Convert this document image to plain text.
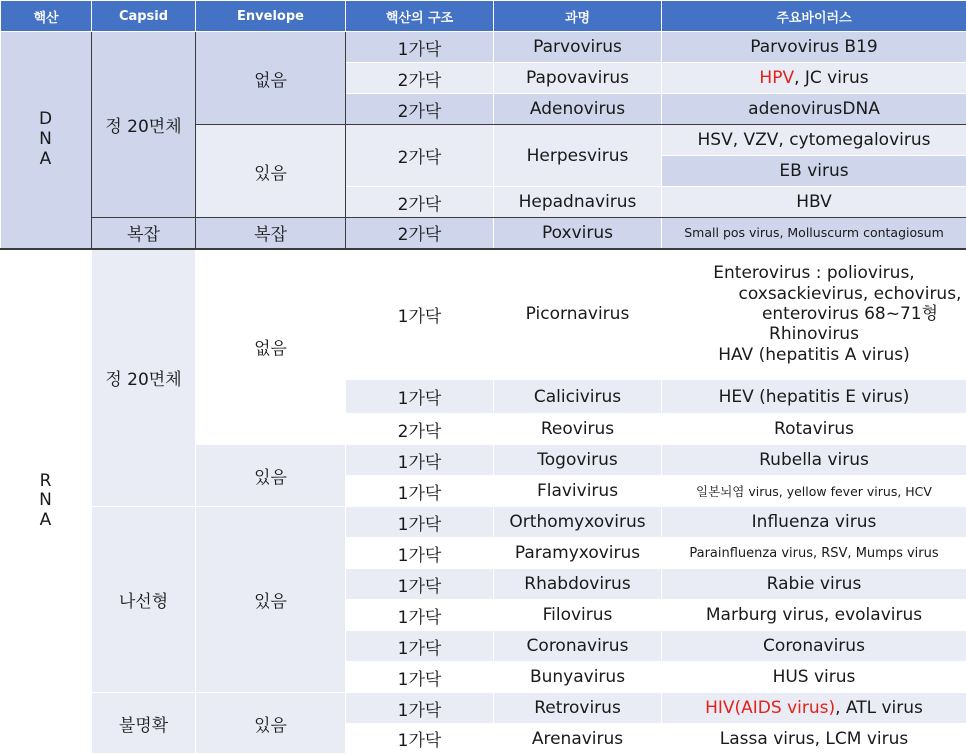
핵산	Capsid	Envelope	핵산의 구조	과명	주요바이러스

D
N
A	정 20면체	없음	1가닥	Parvovirus	Parvovirus B19
			2가닥	Papovavirus	HPV, JC virus
			2가닥	Adenovirus	adenovirusDNA
		있음	2가닥	Herpesvirus	HSV, VZV, cytomegalovirus
					EB virus
			2가닥	Hepadnavirus	HBV
	복잡	복잡	2가닥	Poxvirus	Small pos virus, Molluscurm contagiosum

R
N
A	정 20면체	없음	1가닥	Picornavirus	Enterovirus : poliovirus,
coxsackievirus, echovirus,
enterovirus 68~71형
Rhinovirus
HAV (hepatitis A virus)

			1가닥	Calicivirus	HEV (hepatitis E virus)
			2가닥	Reovirus	Rotavirus
		있음	1가닥	Togovirus	Rubella virus
			1가닥	Flavivirus	일본뇌염 virus, yellow fever virus, HCV
	나선형	있음	1가닥	Orthomyxovirus	Influenza virus
			1가닥	Paramyxovirus	Parainfluenza virus, RSV, Mumps virus
			1가닥	Rhabdovirus	Rabie virus
			1가닥	Filovirus	Marburg virus, evolavirus
			1가닥	Coronavirus	Coronavirus
			1가닥	Bunyavirus	HUS virus
	불명확	있음	1가닥	Retrovirus	HIV(AIDS virus), ATL virus
			1가닥	Arenavirus	Lassa virus, LCM virus
